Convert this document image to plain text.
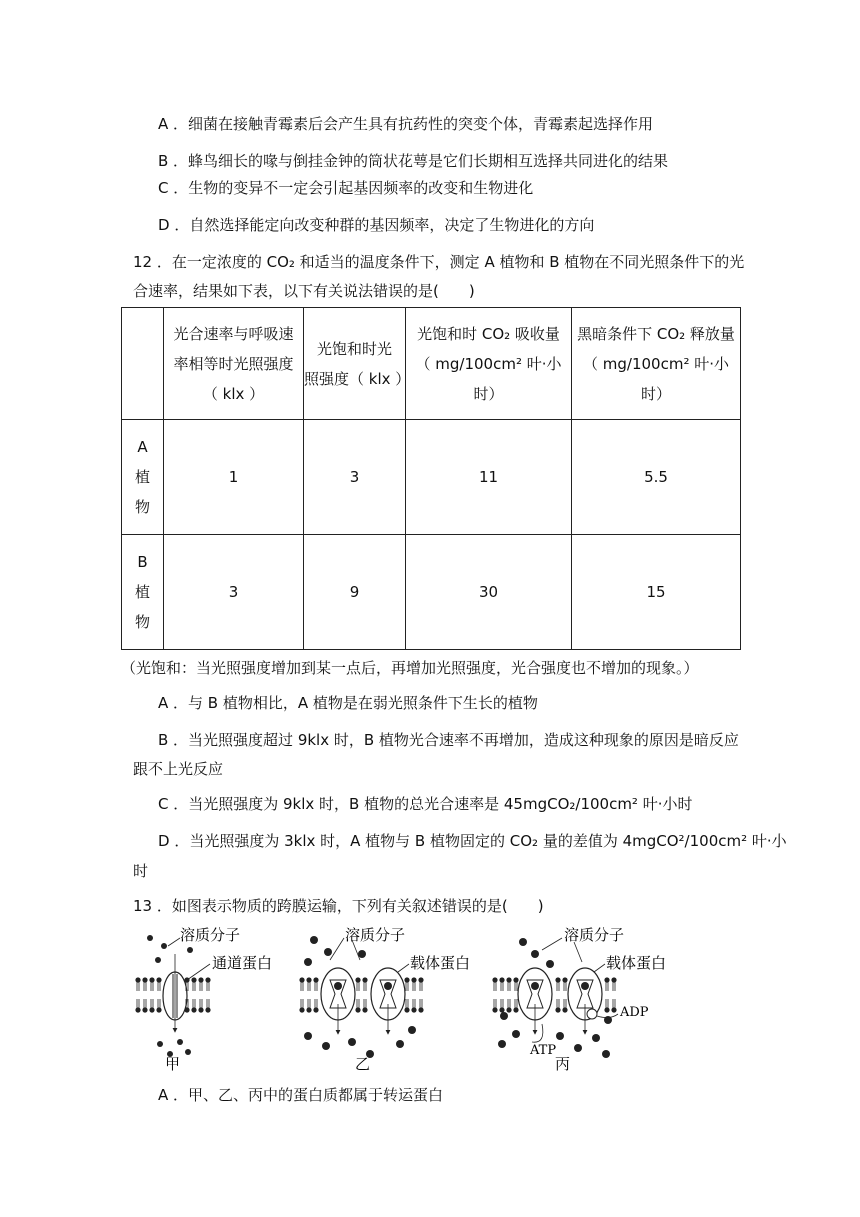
A ．细菌在接触青霉素后会产生具有抗药性的突变个体，青霉素起选择作用
B ．蜂鸟细长的喙与倒挂金钟的筒状花萼是它们长期相互选择共同进化的结果
C ．生物的变异不一定会引起基因频率的改变和生物进化
D ．自然选择能定向改变种群的基因频率，决定了生物进化的方向
12 ．在一定浓度的 CO₂ 和适当的温度条件下，测定 A 植物和 B 植物在不同光照条件下的光
合速率，结果如下表，以下有关说法错误的是(　　)

	光合速率与呼吸速
率相等时光照强度
（ klx ）	光饱和时光
照强度（ klx ）	光饱和时 CO₂ 吸收量
（ mg/100cm² 叶·小时）	黑暗条件下 CO₂ 释放量
（ mg/100cm² 叶·小时）

A
植
物	1	3	11	5.5

B
植
物	3	9	30	15
（光饱和：当光照强度增加到某一点后，再增加光照强度，光合强度也不增加的现象。）
A ．与 B 植物相比，A 植物是在弱光照条件下生长的植物
B ．当光照强度超过 9klx 时，B 植物光合速率不再增加，造成这种现象的原因是暗反应
跟不上光反应
C ．当光照强度为 9klx 时，B 植物的总光合速率是 45mgCO₂/100cm² 叶·小时
D ．当光照强度为 3klx 时，A 植物与 B 植物固定的 CO₂ 量的差值为 4mgCO²/100cm² 叶·小
时
13 ．如图表示物质的跨膜运输，下列有关叙述错误的是(　　)
溶质分子
通道蛋白
甲
溶质分子
载体蛋白
乙
溶质分子
载体蛋白
ATP
ADP
丙
A ．甲、乙、丙中的蛋白质都属于转运蛋白
